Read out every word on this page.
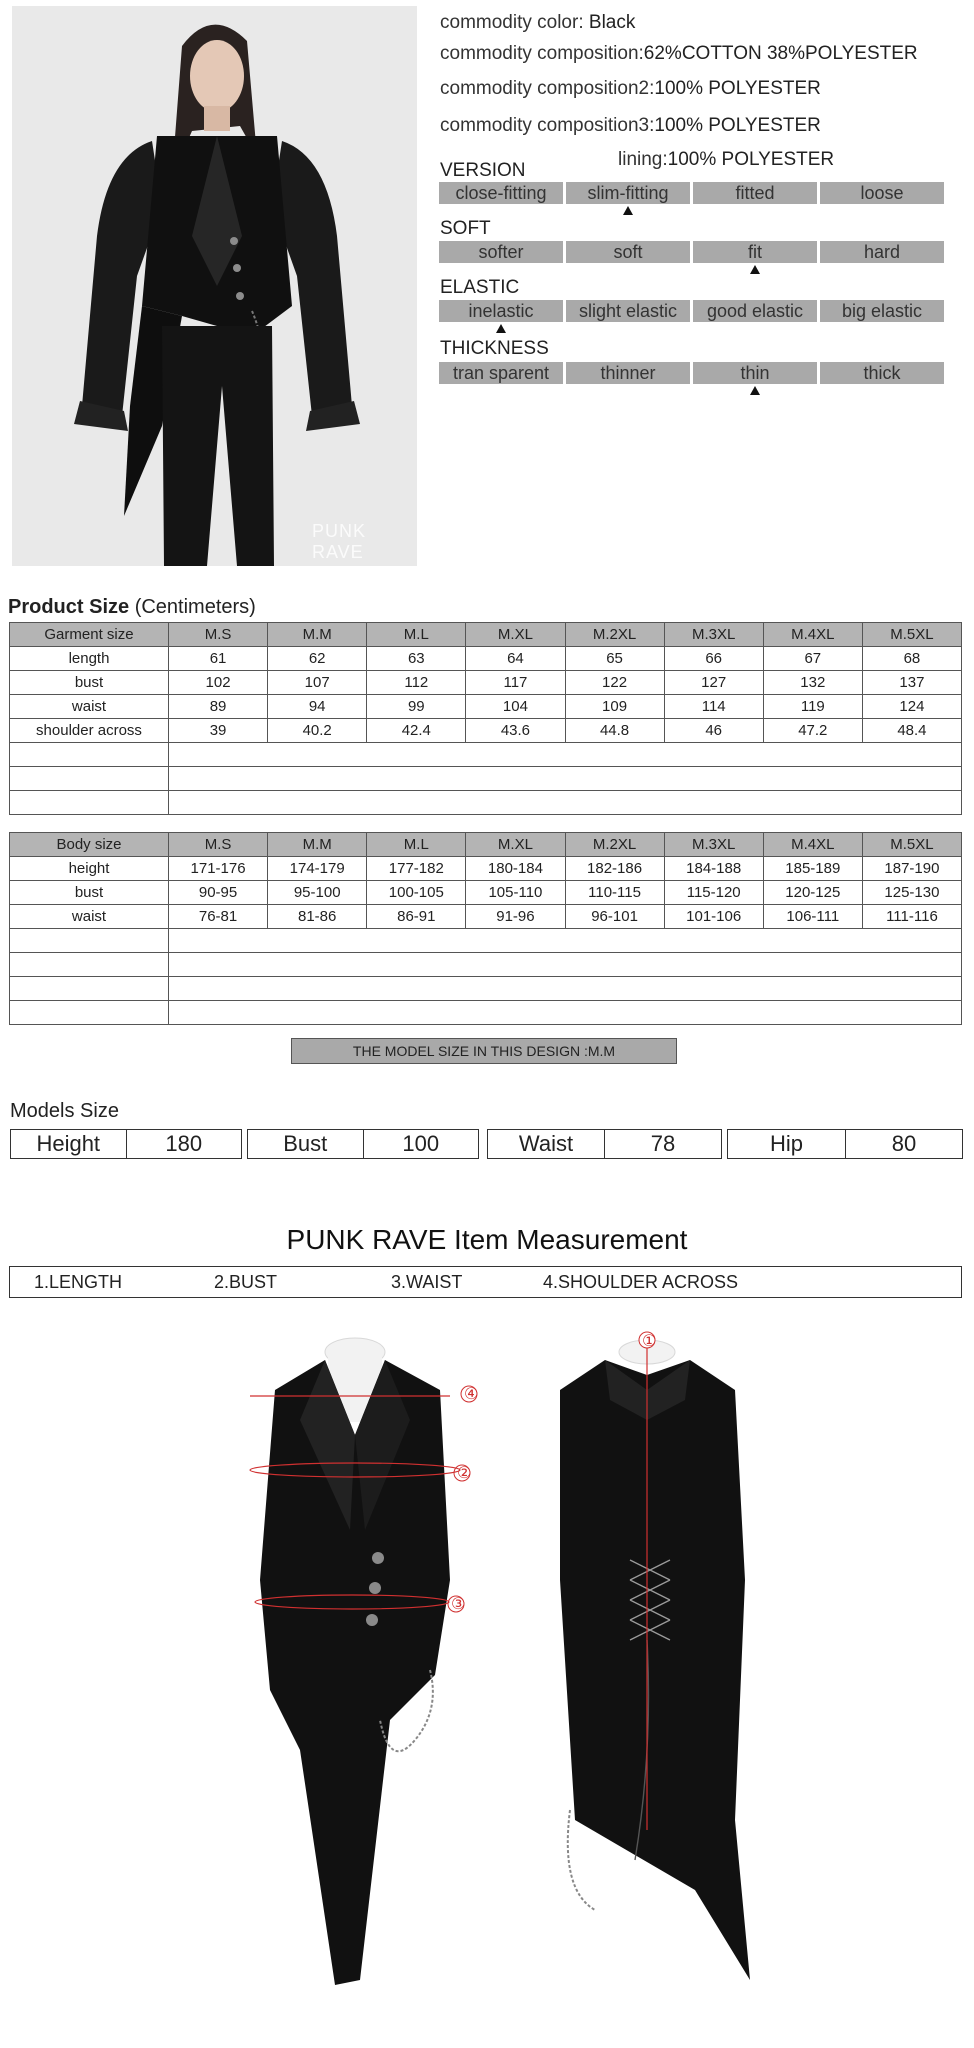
PUNK RAVE
commodity color: Black
commodity composition:62%COTTON 38%POLYESTER
commodity composition2:100% POLYESTER
commodity composition3:100% POLYESTER
lining:100% POLYESTER
VERSION
close-fitting	slim-fitting	fitted	loose
SOFT
softer	soft	fit	hard
ELASTIC
inelastic	slight elastic	good elastic	big elastic
THICKNESS
tran sparent	thinner	thin	thick
Product Size (Centimeters)
Garment size	M.S	M.M	M.L	M.XL	M.2XL	M.3XL	M.4XL	M.5XL
length	61	62	63	64	65	66	67	68
bust	102	107	112	117	122	127	132	137
waist	89	94	99	104	109	114	119	124
shoulder across	39	40.2	42.4	43.6	44.8	46	47.2	48.4

Body size	M.S	M.M	M.L	M.XL	M.2XL	M.3XL	M.4XL	M.5XL
height	171-176	174-179	177-182	180-184	182-186	184-188	185-189	187-190
bust	90-95	95-100	100-105	105-110	110-115	115-120	120-125	125-130
waist	76-81	81-86	86-91	91-96	96-101	101-106	106-111	111-116

THE MODEL SIZE IN THIS DESIGN :M.M
Models Size
Height	180	Bust	100	Waist	78	Hip	80
PUNK RAVE Item Measurement
1.LENGTH	2.BUST	3.WAIST	4.SHOULDER ACROSS
④
②
③
①
